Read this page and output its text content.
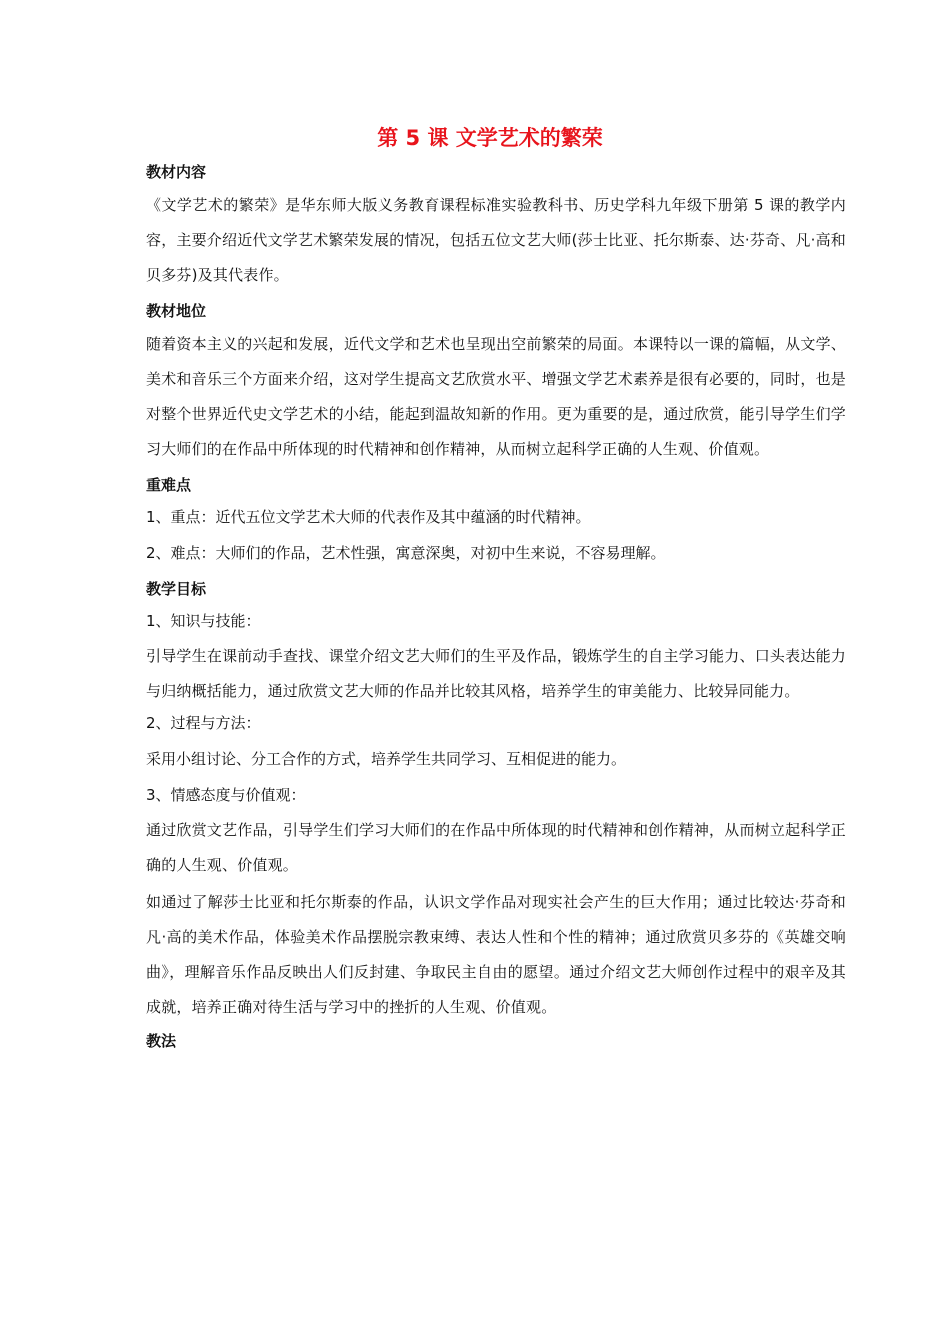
第 5 课 文学艺术的繁荣
教材内容
《文学艺术的繁荣》是华东师大版义务教育课程标准实验教科书、历史学科九年级下册第 5 课的教学内容，主要介绍近代文学艺术繁荣发展的情况，包括五位文艺大师(莎士比亚、托尔斯泰、达·芬奇、凡·高和贝多芬)及其代表作。
教材地位
随着资本主义的兴起和发展，近代文学和艺术也呈现出空前繁荣的局面。本课特以一课的篇幅，从文学、美术和音乐三个方面来介绍，这对学生提高文艺欣赏水平、增强文学艺术素养是很有必要的，同时，也是对整个世界近代史文学艺术的小结，能起到温故知新的作用。更为重要的是，通过欣赏，能引导学生们学习大师们的在作品中所体现的时代精神和创作精神，从而树立起科学正确的人生观、价值观。
重难点
1、重点：近代五位文学艺术大师的代表作及其中蕴涵的时代精神。
2、难点：大师们的作品，艺术性强，寓意深奥，对初中生来说，不容易理解。
教学目标
1、知识与技能：
引导学生在课前动手查找、课堂介绍文艺大师们的生平及作品，锻炼学生的自主学习能力、口头表达能力与归纳概括能力，通过欣赏文艺大师的作品并比较其风格，培养学生的审美能力、比较异同能力。
2、过程与方法：
采用小组讨论、分工合作的方式，培养学生共同学习、互相促进的能力。
3、情感态度与价值观：
通过欣赏文艺作品，引导学生们学习大师们的在作品中所体现的时代精神和创作精神，从而树立起科学正确的人生观、价值观。
如通过了解莎士比亚和托尔斯泰的作品，认识文学作品对现实社会产生的巨大作用；通过比较达·芬奇和凡·高的美术作品，体验美术作品摆脱宗教束缚、表达人性和个性的精神；通过欣赏贝多芬的《英雄交响曲》，理解音乐作品反映出人们反封建、争取民主自由的愿望。通过介绍文艺大师创作过程中的艰辛及其成就，培养正确对待生活与学习中的挫折的人生观、价值观。
教法
